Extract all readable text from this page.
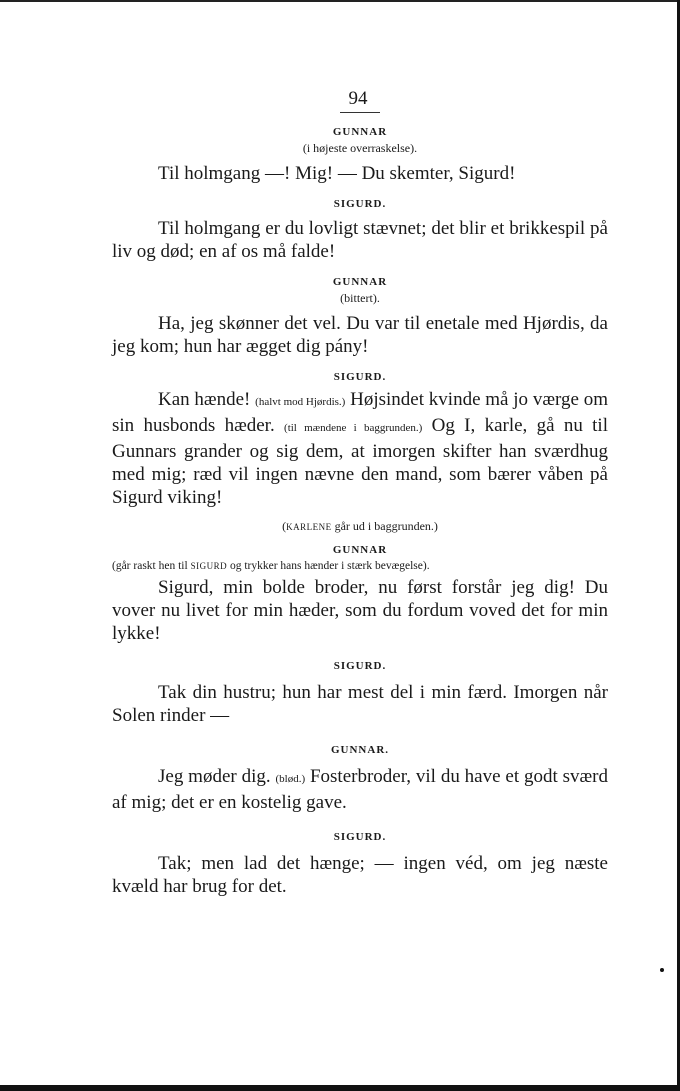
94
GUNNAR
(i højeste overraskelse).
Til holmgang —! Mig! — Du skemter, Sigurd!
SIGURD.
Til holmgang er du lovligt stævnet; det blir et brikkespil på liv og død; en af os må falde!
GUNNAR
(bittert).
Ha, jeg skønner det vel. Du var til enetale med Hjørdis, da jeg kom; hun har ægget dig pány!
SIGURD.
Kan hænde! (halvt mod Hjørdis.) Højsindet kvinde må jo værge om sin husbonds hæder. (til mændene i baggrunden.) Og I, karle, gå nu til Gunnars grander og sig dem, at imorgen skifter han sværdhug med mig; ræd vil ingen nævne den mand, som bærer våben på Sigurd viking!
(KARLENE går ud i baggrunden.)
GUNNAR
(går raskt hen til SIGURD og trykker hans hænder i stærk bevægelse).
Sigurd, min bolde broder, nu først forstår jeg dig! Du vover nu livet for min hæder, som du fordum voved det for min lykke!
SIGURD.
Tak din hustru; hun har mest del i min færd. Imorgen når Solen rinder —
GUNNAR.
Jeg møder dig. (blød.) Fosterbroder, vil du have et godt sværd af mig; det er en kostelig gave.
SIGURD.
Tak; men lad det hænge; — ingen véd, om jeg næste kvæld har brug for det.
